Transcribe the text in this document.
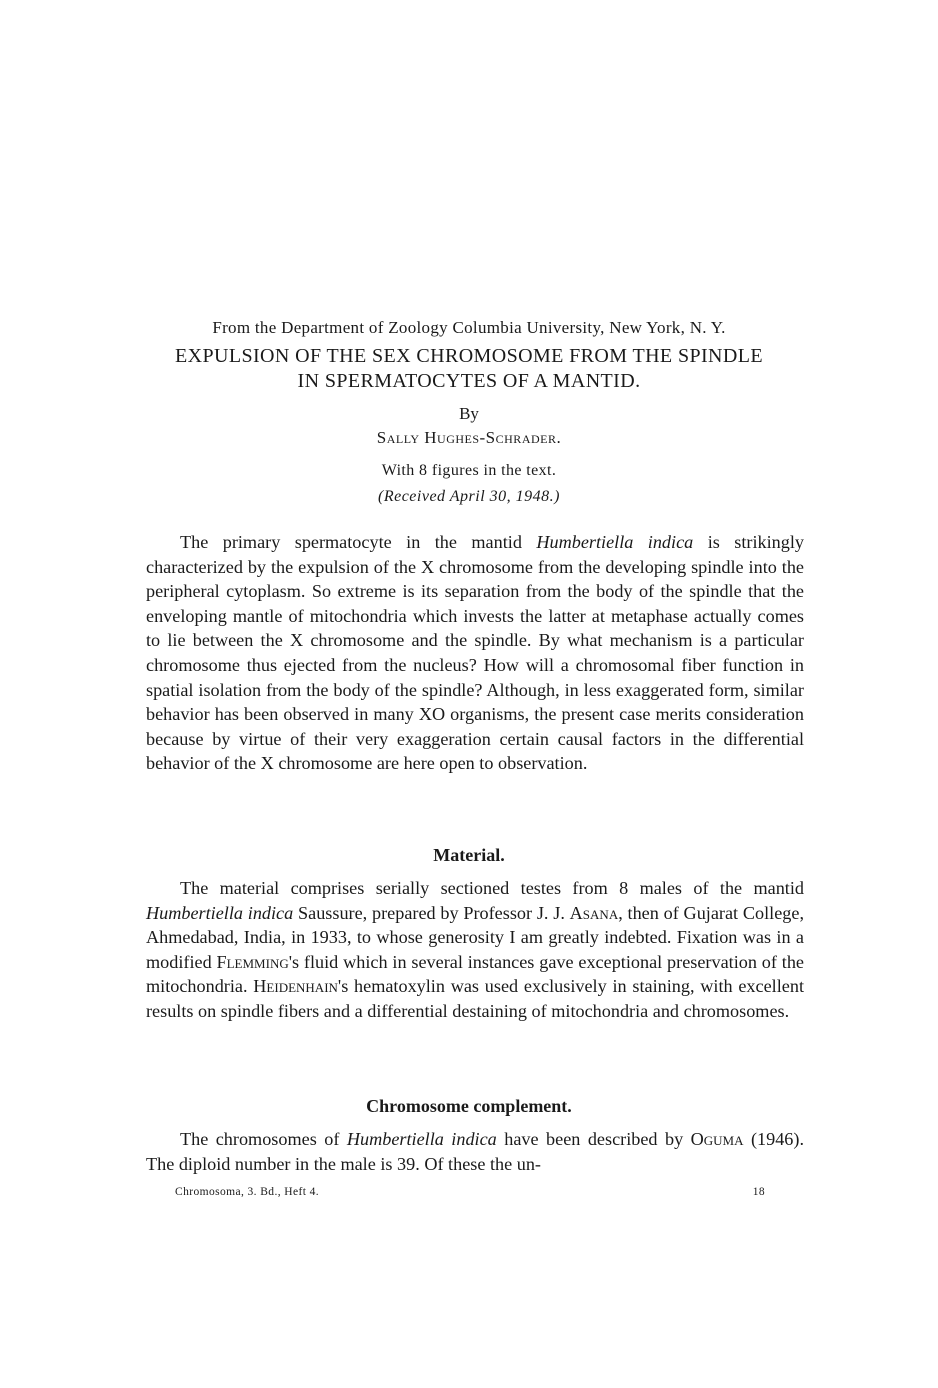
From the Department of Zoology Columbia University, New York, N. Y.
EXPULSION OF THE SEX CHROMOSOME FROM THE SPINDLE
IN SPERMATOCYTES OF A MANTID.
By
Sally Hughes-Schrader.
With 8 figures in the text.
(Received April 30, 1948.)

The primary spermatocyte in the mantid Humbertiella indica is strikingly characterized by the expulsion of the X chromosome from the developing spindle into the peripheral cytoplasm. So extreme is its separation from the body of the spindle that the enveloping mantle of mitochondria which invests the latter at metaphase actually comes to lie between the X chromosome and the spindle. By what mechanism is a particular chromosome thus ejected from the nucleus? How will a chromosomal fiber function in spatial isolation from the body of the spindle? Although, in less exaggerated form, similar behavior has been observed in many XO organisms, the present case merits consideration because by virtue of their very exaggeration certain causal factors in the differential behavior of the X chromosome are here open to observation.

Material.

The material comprises serially sectioned testes from 8 males of the mantid Humbertiella indica Saussure, prepared by Professor J. J. Asana, then of Gujarat College, Ahmedabad, India, in 1933, to whose generosity I am greatly indebted. Fixation was in a modified Flemming's fluid which in several instances gave exceptional preservation of the mitochondria. Heidenhain's hematoxylin was used exclusively in staining, with excellent results on spindle fibers and a differential destaining of mitochondria and chromosomes.

Chromosome complement.

The chromosomes of Humbertiella indica have been described by Oguma (1946). The diploid number in the male is 39. Of these the un-

Chromosoma, 3. Bd., Heft 4.	18
